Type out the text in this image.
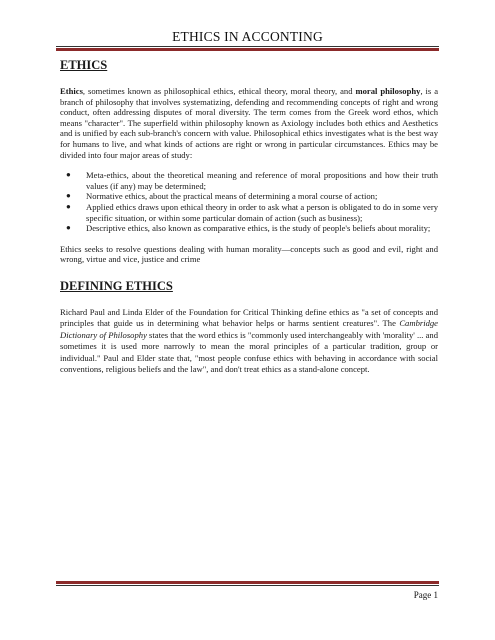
ETHICS IN ACCONTING
ETHICS

Ethics, sometimes known as philosophical ethics, ethical theory, moral theory, and moral philosophy, is a branch of philosophy that involves systematizing, defending and recommending concepts of right and wrong conduct, often addressing disputes of moral diversity. The term comes from the Greek word ethos, which means "character". The superfield within philosophy known as Axiology includes both ethics and Aesthetics and is unified by each sub-branch's concern with value. Philosophical ethics investigates what is the best way for humans to live, and what kinds of actions are right or wrong in particular circumstances. Ethics may be divided into four major areas of study:

● Meta-ethics, about the theoretical meaning and reference of moral propositions and how their truth values (if any) may be determined;
● Normative ethics, about the practical means of determining a moral course of action;
● Applied ethics draws upon ethical theory in order to ask what a person is obligated to do in some very specific situation, or within some particular domain of action (such as business);
● Descriptive ethics, also known as comparative ethics, is the study of people's beliefs about morality;

Ethics seeks to resolve questions dealing with human morality—concepts such as good and evil, right and wrong, virtue and vice, justice and crime

DEFINING ETHICS

Richard Paul and Linda Elder of the Foundation for Critical Thinking define ethics as "a set of concepts and principles that guide us in determining what behavior helps or harms sentient creatures". The Cambridge Dictionary of Philosophy states that the word ethics is "commonly used interchangeably with 'morality' ... and sometimes it is used more narrowly to mean the moral principles of a particular tradition, group or individual." Paul and Elder state that, "most people confuse ethics with behaving in accordance with social conventions, religious beliefs and the law", and don't treat ethics as a stand-alone concept.

Page 1
